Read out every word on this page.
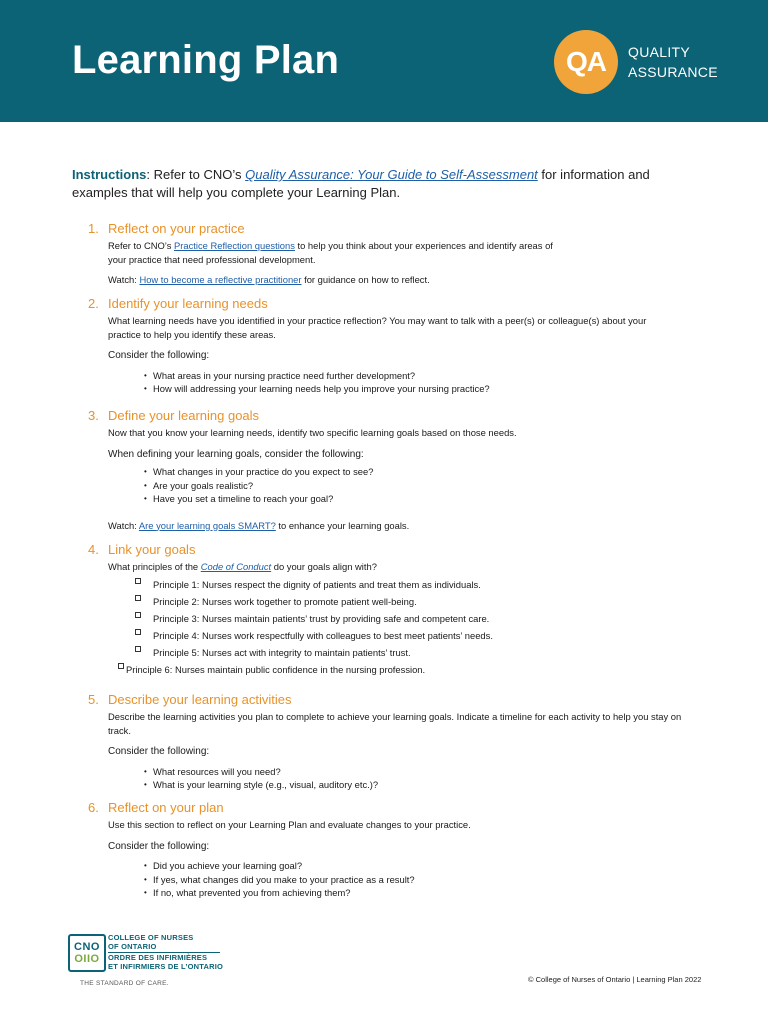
Learning Plan	QA	QUALITY
ASSURANCE
Instructions: Refer to CNO’s Quality Assurance: Your Guide to Self-Assessment for information and examples that will help you complete your Learning Plan.
1. Reflect on your practice

Refer to CNO’s Practice Reflection questions to help you think about your experiences and identify areas of your practice that need professional development.

Watch: How to become a reflective practitioner for guidance on how to reflect.

2. Identify your learning needs

What learning needs have you identified in your practice reflection? You may want to talk with a peer(s) or colleague(s) about your practice to help you identify these areas.

Consider the following:

• What areas in your nursing practice need further development?
• How will addressing your learning needs help you improve your nursing practice?
3. Define your learning goals

Now that you know your learning needs, identify two specific learning goals based on those needs.

When defining your learning goals, consider the following:

• What changes in your practice do you expect to see?
• Are your goals realistic?
• Have you set a timeline to reach your goal?

Watch: Are your learning goals SMART? to enhance your learning goals.

4. Link your goals

What principles of the Code of Conduct do your goals align with?

Principle 1: Nurses respect the dignity of patients and treat them as individuals.
Principle 2: Nurses work together to promote patient well-being.
Principle 3: Nurses maintain patients’ trust by providing safe and competent care.
Principle 4: Nurses work respectfully with colleagues to best meet patients’ needs.
Principle 5: Nurses act with integrity to maintain patients’ trust.
Principle 6: Nurses maintain public confidence in the nursing profession.
5. Describe your learning activities

Describe the learning activities you plan to complete to achieve your learning goals. Indicate a timeline for each activity to help you stay on track.

Consider the following:

• What resources will you need?
• What is your learning style (e.g., visual, auditory etc.)?
6. Reflect on your plan

Use this section to reflect on your Learning Plan and evaluate changes to your practice.

Consider the following:

• Did you achieve your learning goal?
• If yes, what changes did you make to your practice as a result?
• If no, what prevented you from achieving them?
CNO
OIIO
COLLEGE OF NURSES
OF ONTARIO
ORDRE DES INFIRMIÈRES
ET INFIRMIERS DE L’ONTARIO
THE STANDARD OF CARE.	© College of Nurses of Ontario | Learning Plan 2022
